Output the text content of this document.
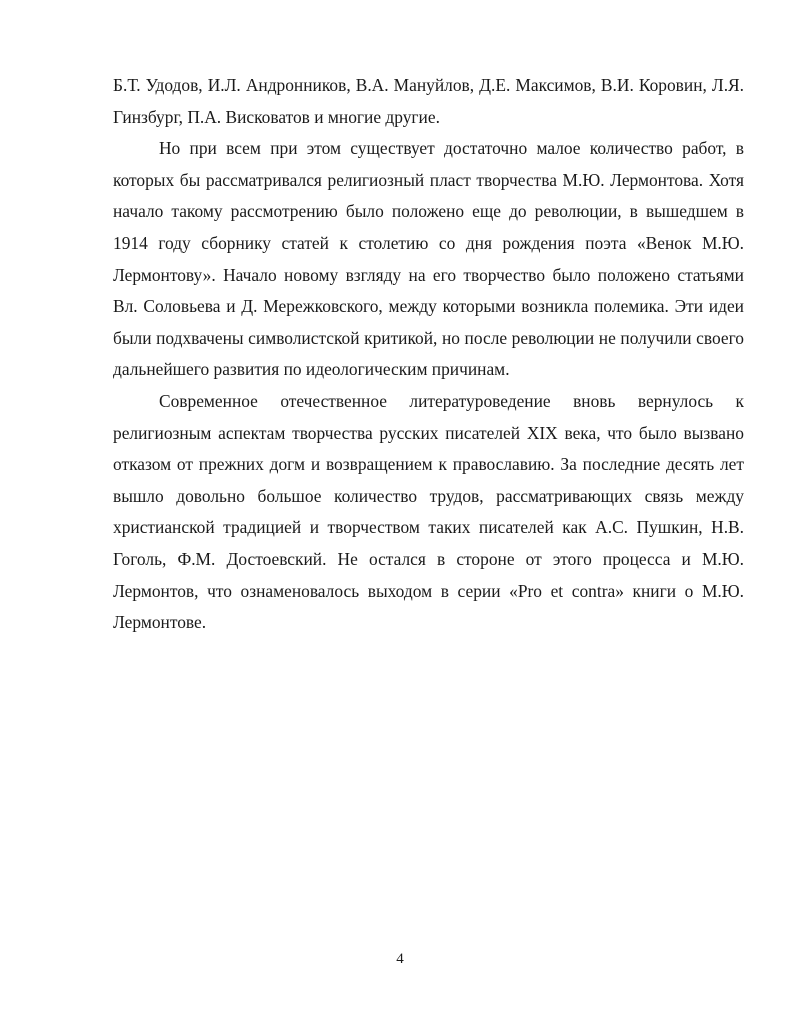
Б.Т. Удодов, И.Л. Андронников, В.А. Мануйлов, Д.Е. Максимов, В.И. Коровин, Л.Я. Гинзбург, П.А. Висковатов и многие другие.

Но при всем при этом существует достаточно малое количество работ, в которых бы рассматривался религиозный пласт творчества М.Ю. Лермонтова. Хотя начало такому рассмотрению было положено еще до революции, в вышедшем в 1914 году сборнику статей к столетию со дня рождения поэта «Венок М.Ю. Лермонтову». Начало новому взгляду на его творчество было положено статьями Вл. Соловьева и Д. Мережковского, между которыми возникла полемика. Эти идеи были подхвачены символистской критикой, но после революции не получили своего дальнейшего развития по идеологическим причинам.

Современное отечественное литературоведение вновь вернулось к религиозным аспектам творчества русских писателей XIX века, что было вызвано отказом от прежних догм и возвращением к православию. За последние десять лет вышло довольно большое количество трудов, рассматривающих связь между христианской традицией и творчеством таких писателей как А.С. Пушкин, Н.В. Гоголь, Ф.М. Достоевский. Не остался в стороне от этого процесса и М.Ю. Лермонтов, что ознаменовалось выходом в серии «Pro et contra» книги о М.Ю. Лермонтове.

4
